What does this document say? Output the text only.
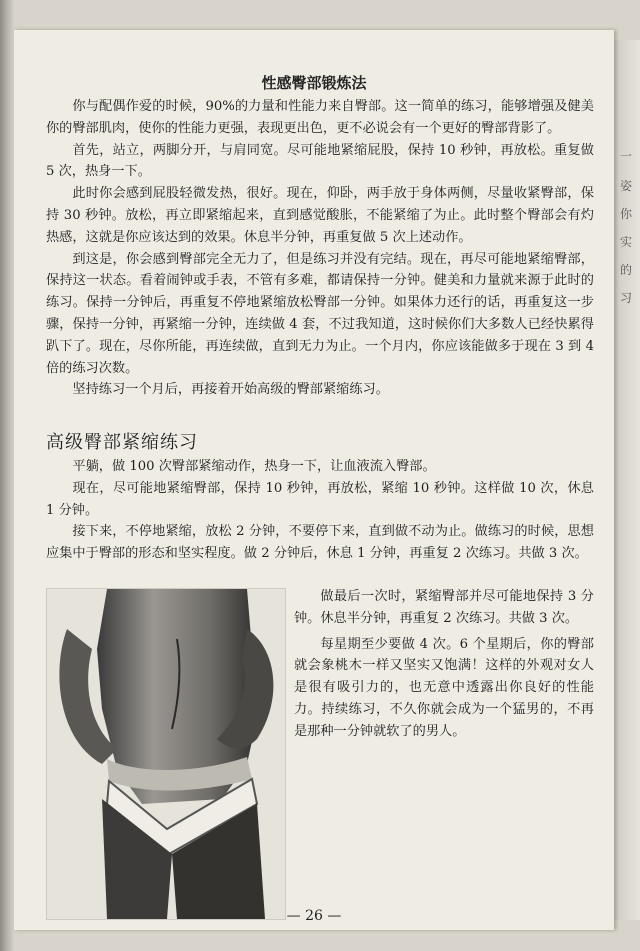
一
姿
你
实
的
习
性感臀部锻炼法

你与配偶作爱的时候，90%的力量和性能力来自臀部。这一简单的练习，能够增强及健美你的臀部肌肉，使你的性能力更强，表现更出色，更不必说会有一个更好的臀部背影了。

首先，站立，两脚分开，与肩同宽。尽可能地紧缩屁股，保持 10 秒钟，再放松。重复做 5 次，热身一下。

此时你会感到屁股轻微发热，很好。现在，仰卧，两手放于身体两侧，尽量收紧臀部，保持 30 秒钟。放松，再立即紧缩起来，直到感觉酸胀，不能紧缩了为止。此时整个臀部会有灼热感，这就是你应该达到的效果。休息半分钟，再重复做 5 次上述动作。

到这是，你会感到臀部完全无力了，但是练习并没有完结。现在，再尽可能地紧缩臀部，保持这一状态。看着闹钟或手表，不管有多难，都请保持一分钟。健美和力量就来源于此时的练习。保持一分钟后，再重复不停地紧缩放松臀部一分钟。如果体力还行的话，再重复这一步骤，保持一分钟，再紧缩一分钟，连续做 4 套，不过我知道，这时候你们大多数人已经快累得趴下了。现在，尽你所能，再连续做，直到无力为止。一个月内，你应该能做多于现在 3 到 4 倍的练习次数。

坚持练习一个月后，再接着开始高级的臀部紧缩练习。

高级臀部紧缩练习

平躺，做 100 次臀部紧缩动作，热身一下，让血液流入臀部。

现在，尽可能地紧缩臀部，保持 10 秒钟，再放松，紧缩 10 秒钟。这样做 10 次，休息 1 分钟。

接下来，不停地紧缩，放松 2 分钟，不要停下来，直到做不动为止。做练习的时候，思想应集中于臀部的形态和坚实程度。做 2 分钟后，休息 1 分钟，再重复 2 次练习。共做 3 次。

做最后一次时，紧缩臀部并尽可能地保持 3 分钟。休息半分钟，再重复 2 次练习。共做 3 次。

每星期至少要做 4 次。6 个星期后，你的臀部就会象桃木一样又坚实又饱满！这样的外观对女人是很有吸引力的，也无意中透露出你良好的性能力。持续练习，不久你就会成为一个猛男的，不再是那种一分钟就软了的男人。

— 26 —
